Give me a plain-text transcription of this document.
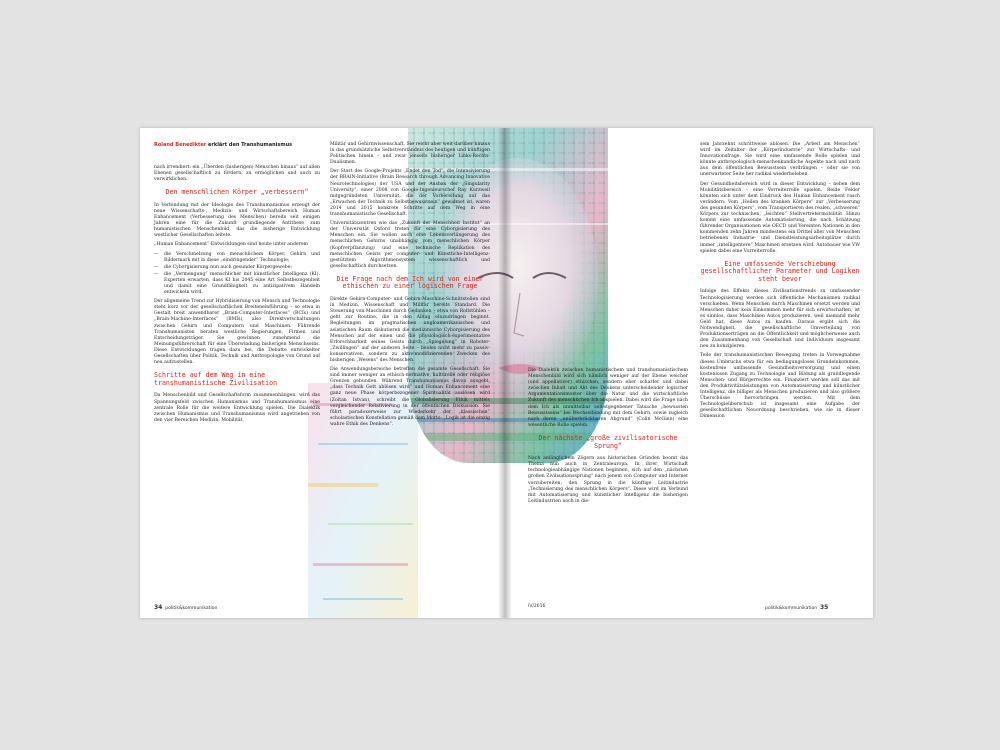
Roland Benedikter erklärt den Transhumanismus

nach irrendiert: ein „Überden (bisherigen) Menschen hinaus“ auf allen Ebenen gesellschaftlich zu fördern, zu ermöglichen und auch zu verwirklichen.

Den menschlichen Körper „verbessern“

In Verbindung mit der Ideologie des Transhumanismus erzeugt der neue Wissenschafts-, Medizin- und Wirtschaftsbereich Human Enhancement (Verbesserung des Menschen) bereits seit einigen Jahren eine für die Zukunft grundlegende Antithese zum humanistischen Menschenbild, das die bisherige Entwicklung westlicher Gesellschaften leitete.

„Human Enhancement“-Entwicklungen sind heute unter anderem

— die Verschmelzung von menschlichem Körper, Gehirn und Bildermark mit in diese „eindringender“ Technologie;
— die Cyborgisierung nun auch gesunder Körpergewebe;
— die „Vermengung“ menschlicher mit künstlicher Intelligenz (KI). Experten erwarten, dass KI bis 2045 eine Art Selbstbezogenheit und damit eine Grundfähigkeit zu antizipativem Handeln entwickeln wird.

Der allgemeine Trend zur Hybridisierung von Mensch und Technologie steht kurz vor der gesellschaftlichen Breiteneinführung – so etwa in Gestalt breit anwendbarer „Brain-Computer-Interfaces“ (BCIs) und „Brain-Machine-Interfaces“ (BMIs), also Direktverschaltungen zwischen Gehirn und Computern und Maschinen. Führende Transhumanisten beraten westliche Regierungen, Firmen und Entscheidungsträger. Sie gewinnen zunehmend die Meinungsführerschaft für eine Überwindung bisherigen Menschseins. Diese Entwicklungen tragen dazu bei, die Debatte entwickelter Gesellschaften über Politik, Technik und Anthropologie von Grund auf neu aufzustellen.

Schritte auf dem Weg in eine transhumanistische Zivilisation

Da Menschenbild und Gesellschaftsform zusammenhängen, wird das Spannungsfeld zwischen Humanismus und Transhumanismus eine zentrale Rolle für die weitere Entwicklung spielen. Die Dialektik zwischen Humanismus und Transhumanismus wird angetrieben von den vier Bereichen Medizin, Mobilität,

Militär und Gehirnwissenschaft. Sie reicht aber weit darüber hinaus in das grundsätzliche Selbstverständnis des heutigen und künftigen Politischen hinein – und zwar jenseits bisheriger Links-Rechts-Dualismen.

Der Start des Google-Projekts „Endet den Tod“, die Intensivierung der BRAIN-Initiative (Brain Research through Advancing Innovative Neurotechnologies) der USA und der Ausbau der „Singularity University“, einer 2008 von Google-Ingenieurschef Ray Kurzweil mitgegründeten Universität, die der Vorbereitung auf das „Erwachen der Technik zu Selbstbewusstsein“ gewidmet ist, waren 2014 und 2015 konkrete Schritte auf dem Weg in eine transhumanistische Gesellschaft.

Universitätszentren wie das „Zukunft der Menschheit Institut“ an der Universität Oxford treten für eine Cyborgisierung des Menschen ein. Sie wollen auch eine Lebensverlängerung des menschlichen Gehirns unabhängig vom menschlichen Körper (Kopfverpflanzung) und eine technische Replikation des menschlichen Geists per computer- und Künstliche-Intelligenz-gestütztem Algorithmensystem wissenschaftlich und gesellschaftlich durchsetzen.

Die Frage nach dem Ich wird von einer ethischen zu einer logischen Frage

Direkte Gehirn-Computer- und Gehirn-Maschine-Schnittstellen sind in Medizin, Wissenschaft und Militär bereits Standard. Die Steuerung von Maschinen durch Gedanken – etwa von Rollstühlen – geht zur Routine, die in den Alltag einzudringen beginnt. Begleitungen im pragmatischen angloamerikanischen und asiatischen Raum diskutieren die medizinische Cyborgisierung des Menschen auf der einen und die physiologisch-experimentative Erforschbarkeit seines Geists durch „Spiegelung“ in Roboter-„Zwillingen“ auf der anderen Seite – beides nicht mehr zu passiv-konservativen, sondern zu aktiv-modifizierenden Zwecken des bisherigen „Wesens“ des Menschen.

Die Anwendungsbereiche betreffen die gesamte Gesellschaft. Sie sind immer weniger an ethisch-normative, kulturelle oder religiöse Grenzen gebunden. Während Transhumanismus davon ausgeht, „dass Technik Gott ablösen wird“ und Human Enhancement eine ganz neue Phase körperbezogener Spiritualität auslösen wird (Zoltan Istvan), schreibt die Globalisierung Ethik mittels vergleichender Relativierung in der öffentlichen Diskussion. Sie führt paradoxerweise zur Wiederkehr der „klassischen“ scholastischen Konstellation gemäß dem Motto: „Logik ist die einzig wahre Ethik des Denkens“.

Die Dialektik zwischen humanistischem und transhumanistischem Menschenbild wird sich nämlich weniger auf der Ebene weicher (und appellativer) ethischen, sondern eher scharfer und dabei zwischen Inhalt und Akt des Denkens unterscheidender logischer Argumentationsmuster über die Natur und die wirtschaftliche Zukunft des menschlichen Ich abspielen. Dabei wird die Frage nach dem Ich als unmittelbar selbstgegebener Tatsache „bewussten Bewusstseins“ bei Wechselbindung mit dem Gehirn, sowie zugleich nach deren „unüberbrückbaren Abgrund“ (Colin McGinn) eine wesentliche Rolle spielen.

Der nächste „große zivilisatorische Sprung“

Nach anfänglichem Zögern aus historischen Gründen boomt das Thema nun auch in Zentraleuropa. In ihrer Wirtschaft technologieabhängige Nationen beginnen, sich auf den „nächsten großen Zivilisationssprung“ nach jenem von Computer und Internet vorzubereiten: den Sprung in die künftige Leitindustrie „Technisierung des menschlichen Körpers“. Diese wird im Verbund mit Automatisierung und künstlicher Intelligenz die bisherigen Leitindustrien noch in die-

sem Jahrzehnt schrittweise ablösen. Die „Arbeit am Menschen“ wird im Zeitalter der „Körperindustrie“ zur Wirtschafts- und Innovationsfrage. Sie wird eine umfassende Rolle spielen und könnte anthropologisch-menschenkundliche Aspekte nach und nach aus dem öffentlichen Bewusstsein verdrängen – oder sie von unerwarteter Seite her radikal wiederbeleben.

Der Gesundheitsbereich wird in dieser Entwicklung – neben dem Mobilitätsbereich – eine Vorreiterrolle spielen. Beide Felder könnten sich unter dem Eindruck des Human Enhancement rasch verändern: Vom „Heilen des kranken Körpers“ zur „Verbesserung des gesunden Körpers“, vom Transportieren des realen, „schweren“ Körpers zur technischen, „leichten“ Stellvertretermobilität. Hinzu kommt eine umfassende Automatisierung, die nach Schätzung führender Organisationen wie OECD und Vereinten Nationen in den kommenden zehn Jahren mindestens ein Drittel aller von Menschen betriebenen Industrie- und Dienstleistungsarbeitsplätze durch immer „intelligentere“ Maschinen ersetzen wird. Autobauer wie VW spielen dabei eine Vorreiterrolle.

Eine umfassende Verschiebung gesellschaftlicher Parameter und Logiken steht bevor

Infolge des Effekts dieses Zivilisationstrends zu umfassender Technologisierung werden sich öffentliche Mechanismen radikal verschieben. Wenn Menschen durch Maschinen ersetzt werden und Menschen daher kein Einkommen mehr für sich erwirtschaften, ist es sinnlos, dass Maschinen Autos produzieren, weil niemand mehr Geld hat, diese Autos zu kaufen. Daraus ergibt sich die Notwendigkeit, die gesellschaftliche Umverteilung von Produktionserträgen an die Öffentlichkeit und möglicherweise auch den Zusammenhang von Gesellschaft und Individuum insgesamt neu zu konzipieren.

Teile der transhumanistischen Bewegung treten in Vorwegnahme dieses Umbruchs etwa für ein bedingungsloses Grundeinkommen, kostenfreie umfassende Gesundheitsversorgung und einen kostenlosen Zugang zu Technologie und Bildung als grundlegende Menschen- und Bürgerrechte ein. Finanziert werden soll das mit den Produktivitätsleistungen von Automatisierung und künstlicher Intelligenz, die billiger als Menschen produzieren und also größere Überschüsse hervorbringen werden. Mit dem Technologieüberschub ist insgesamt eine Aufgabe der gesellschaftlichen Neuordnung beschrieben, wie sie in dieser Dimension

34 politik&kommunikation	IV/2016	politik&kommunikation 35
